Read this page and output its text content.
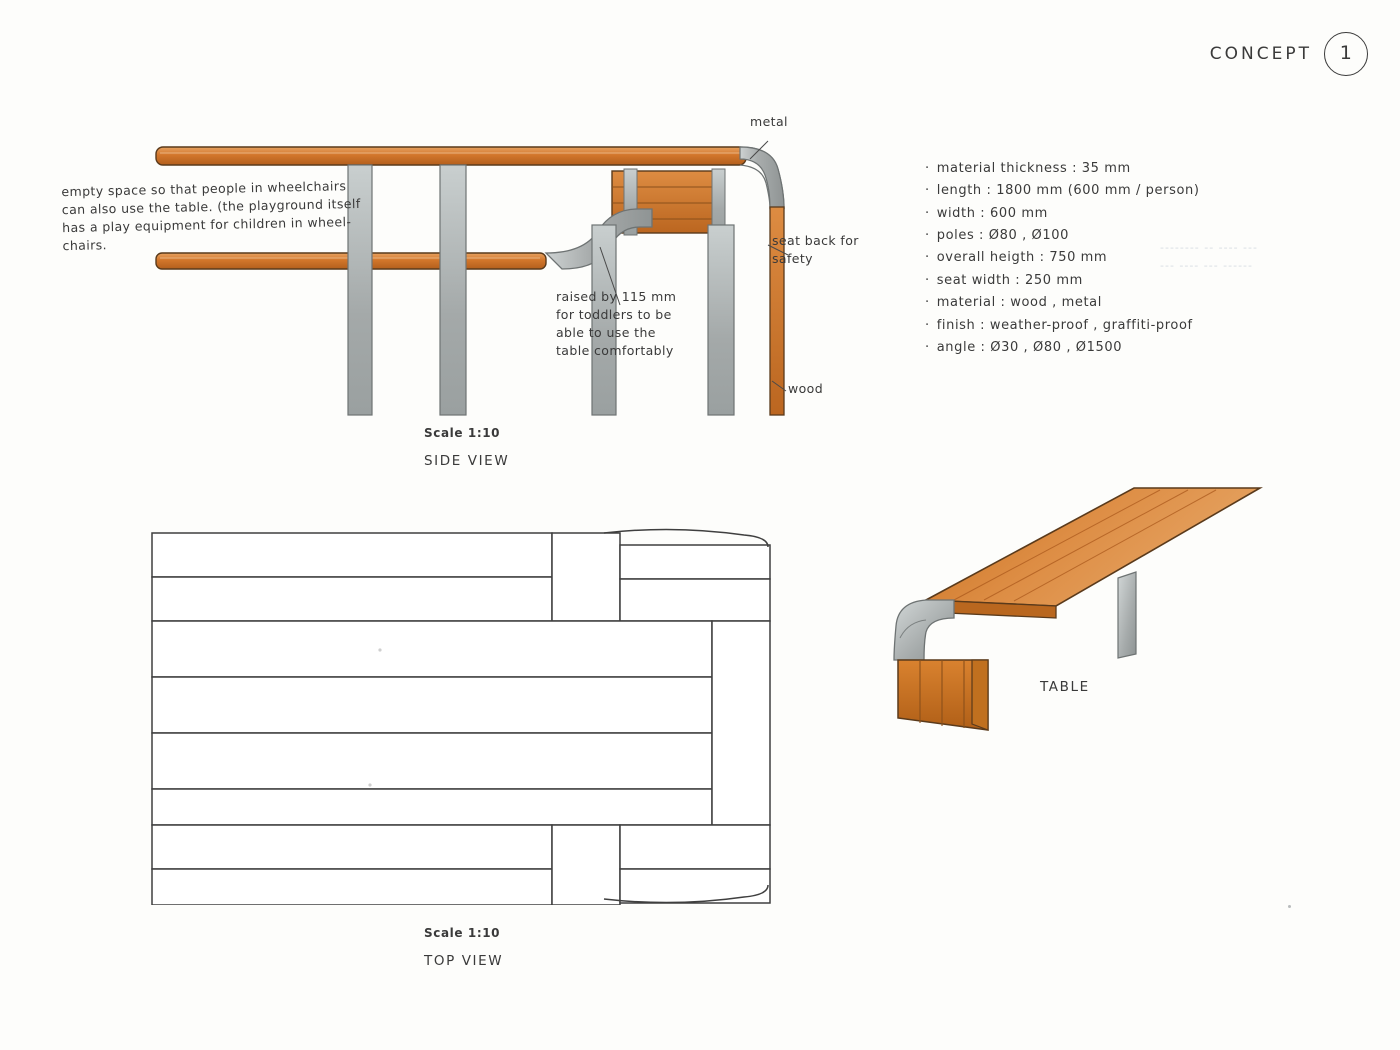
CONCEPT	1
empty space so that people in wheelchairs can also use the table. (the playground itself has a play equipment for children in wheel-chairs.
raised by 115 mm for toddlers to be able to use the table comfortably
seat back for safety
metal
wood
-------- -- ---- ---
--- ---- --- ------
· material thickness : 35 mm
· length : 1800 mm (600 mm / person)
· width : 600 mm
· poles : Ø80 , Ø100
· overall heigth : 750 mm
· seat width : 250 mm
· material : wood , metal
· finish : weather-proof , graffiti-proof
· angle : Ø30 , Ø80 , Ø1500
Scale 1:10
SIDE VIEW
Scale 1:10
TOP VIEW
TABLE
